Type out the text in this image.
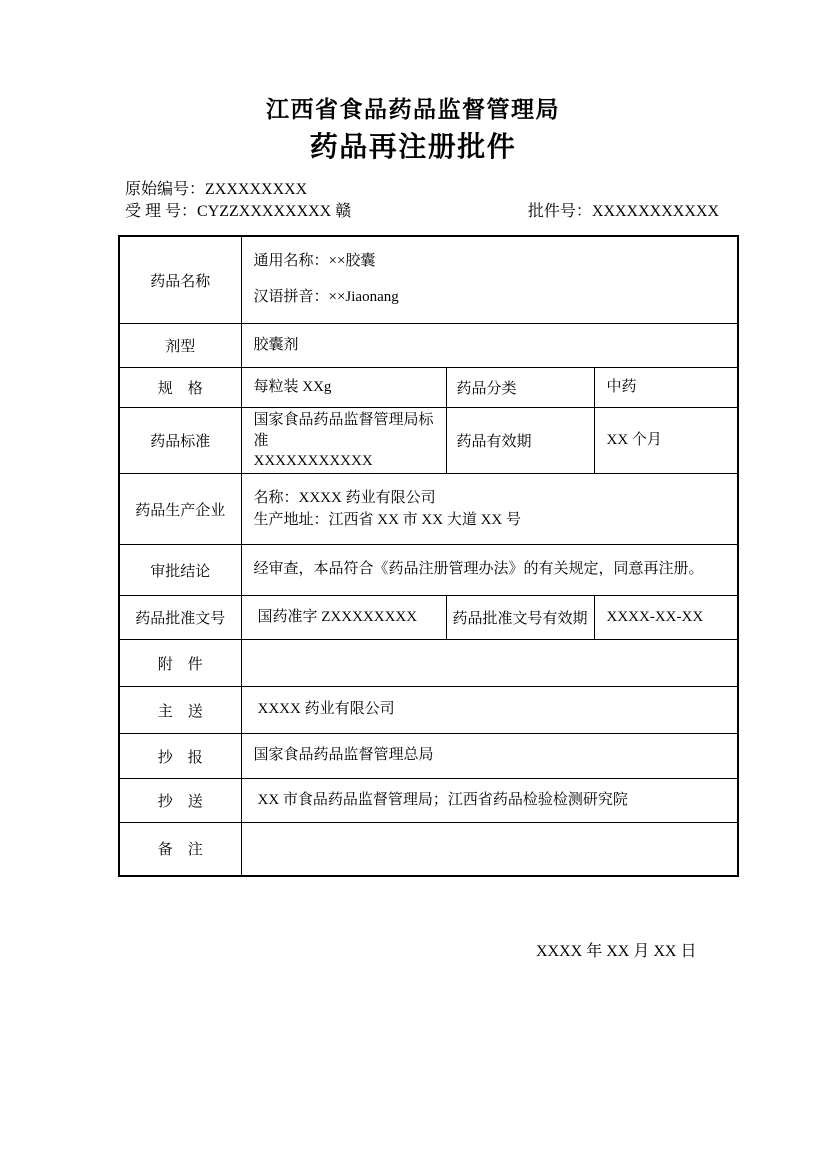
江西省食品药品监督管理局
药品再注册批件
原始编号：ZXXXXXXXX
受 理 号：CYZZXXXXXXXX 赣	批件号：XXXXXXXXXXX
药品名称	通用名称：××胶囊
汉语拼音：××Jiaonang		

剂型	胶囊剂		
规　格	每粒装 XXg	药品分类	中药
药品标准	国家食品药品监督管理局标准
XXXXXXXXXXX	药品有效期	XX 个月
药品生产企业	名称：XXXX 药业有限公司
生产地址：江西省 XX 市 XX 大道 XX 号		

审批结论	经审查，本品符合《药品注册管理办法》的有关规定，同意再注册。		
药品批准文号	国药准字 ZXXXXXXXX	药品批准文号有效期	XXXX-XX-XX
附　件			
主　送	XXXX 药业有限公司		
抄　报	国家食品药品监督管理总局		
抄　送	XX 市食品药品监督管理局；江西省药品检验检测研究院		
备　注			
XXXX 年 XX 月 XX 日
